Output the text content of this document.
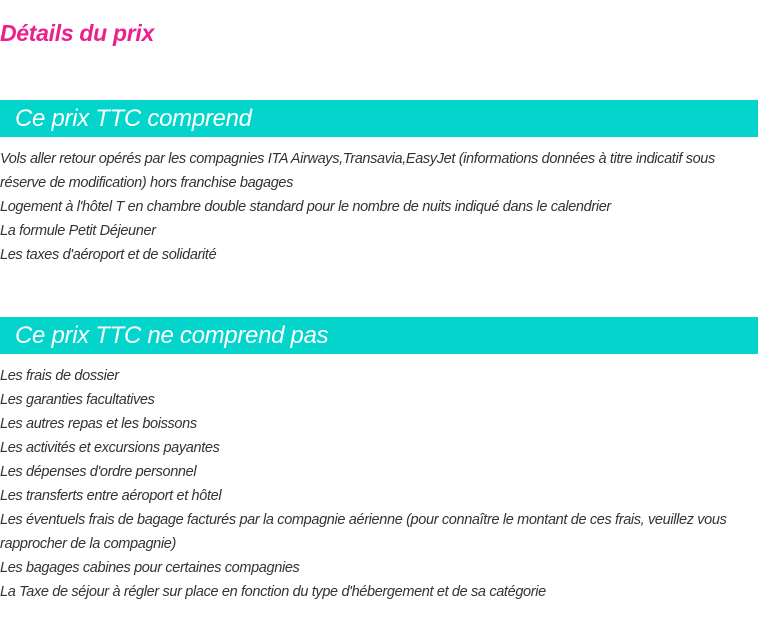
Détails du prix
Ce prix TTC comprend
Vols aller retour opérés par les compagnies ITA Airways,Transavia,EasyJet (informations données à titre indicatif sous réserve de modification) hors franchise bagages
Logement à l'hôtel T en chambre double standard pour le nombre de nuits indiqué dans le calendrier
La formule Petit Déjeuner
Les taxes d'aéroport et de solidarité
Ce prix TTC ne comprend pas
Les frais de dossier
Les garanties facultatives
Les autres repas et les boissons
Les activités et excursions payantes
Les dépenses d'ordre personnel
Les transferts entre aéroport et hôtel
Les éventuels frais de bagage facturés par la compagnie aérienne (pour connaître le montant de ces frais, veuillez vous rapprocher de la compagnie)
Les bagages cabines pour certaines compagnies
La Taxe de séjour à régler sur place en fonction du type d'hébergement et de sa catégorie
